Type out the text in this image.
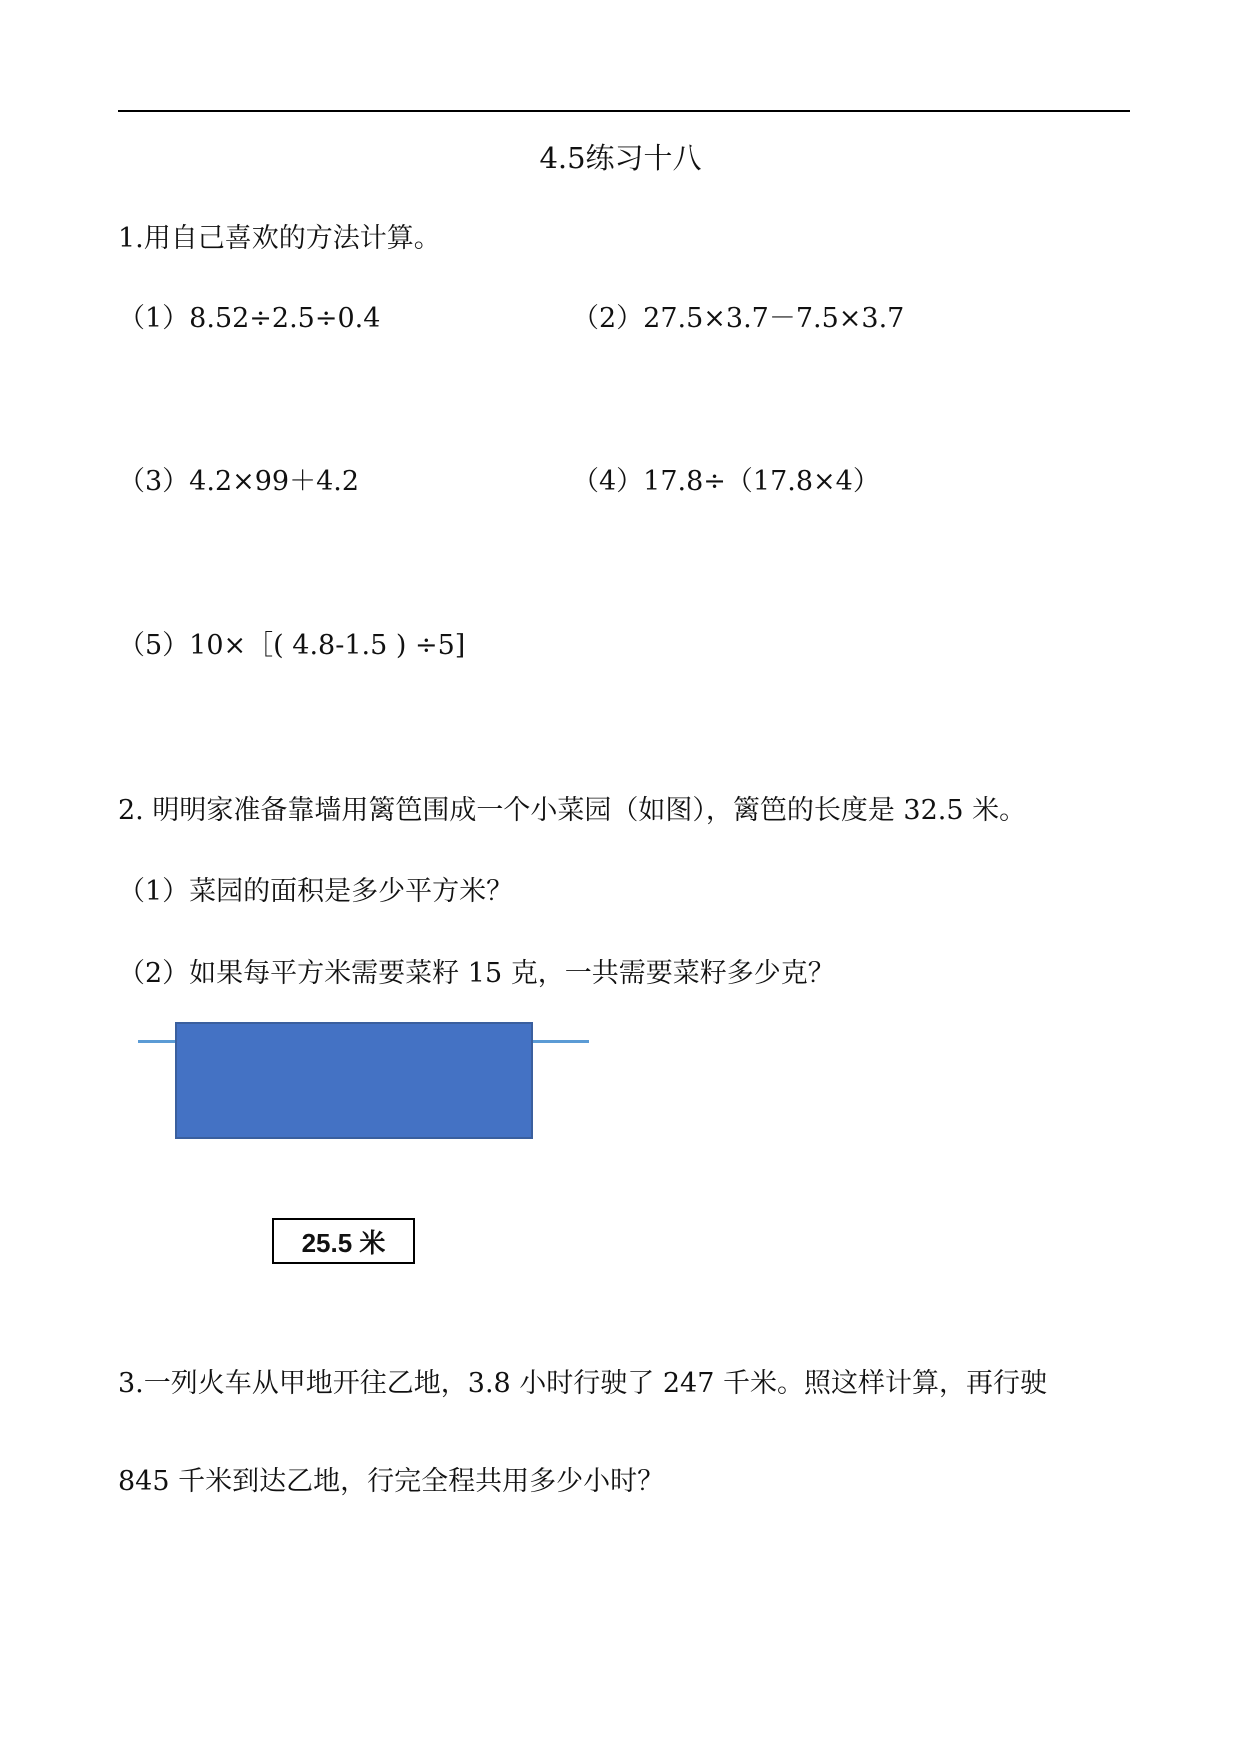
4.5练习十八
1.用自己喜欢的方法计算。
（1）8.52÷2.5÷0.4	（2）27.5×3.7－7.5×3.7
（3）4.2×99＋4.2	（4）17.8÷（17.8×4）
（5）10×［( 4.8-1.5 ) ÷5]
2. 明明家准备靠墙用篱笆围成一个小菜园（如图），篱笆的长度是 32.5 米。
（1）菜园的面积是多少平方米？
（2）如果每平方米需要菜籽 15 克，一共需要菜籽多少克？
25.5 米
3.一列火车从甲地开往乙地，3.8 小时行驶了 247 千米。照这样计算，再行驶
845 千米到达乙地，行完全程共用多少小时？
